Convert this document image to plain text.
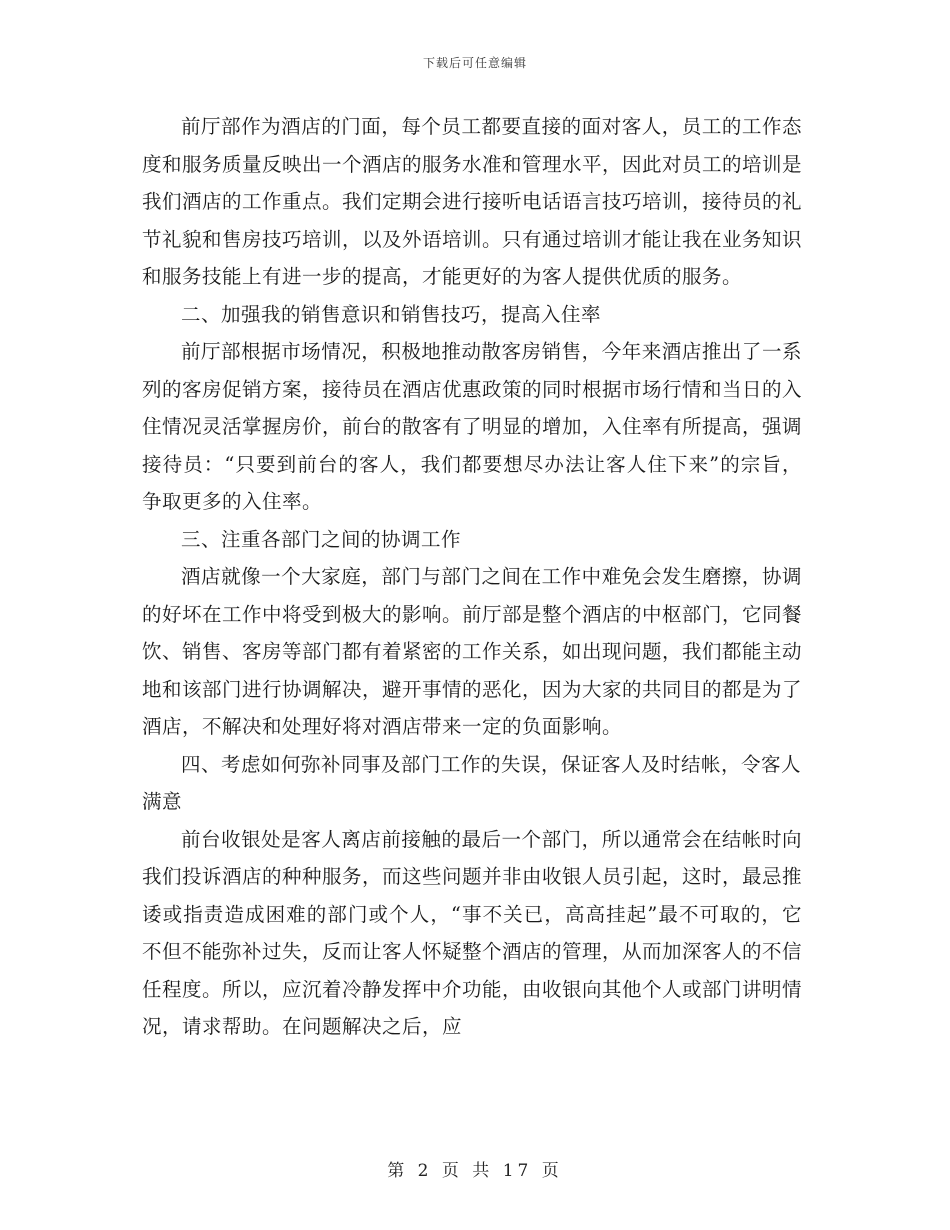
下载后可任意编辑

前厅部作为酒店的门面，每个员工都要直接的面对客人，员工的工作态度和服务质量反映出一个酒店的服务水准和管理水平，因此对员工的培训是我们酒店的工作重点。我们定期会进行接听电话语言技巧培训，接待员的礼节礼貌和售房技巧培训，以及外语培训。只有通过培训才能让我在业务知识和服务技能上有进一步的提高，才能更好的为客人提供优质的服务。

二、加强我的销售意识和销售技巧，提高入住率

前厅部根据市场情况，积极地推动散客房销售，今年来酒店推出了一系列的客房促销方案，接待员在酒店优惠政策的同时根据市场行情和当日的入住情况灵活掌握房价，前台的散客有了明显的增加，入住率有所提高，强调接待员：“只要到前台的客人，我们都要想尽办法让客人住下来”的宗旨，争取更多的入住率。

三、注重各部门之间的协调工作

酒店就像一个大家庭，部门与部门之间在工作中难免会发生磨擦，协调的好坏在工作中将受到极大的影响。前厅部是整个酒店的中枢部门，它同餐饮、销售、客房等部门都有着紧密的工作关系，如出现问题，我们都能主动地和该部门进行协调解决，避开事情的恶化，因为大家的共同目的都是为了酒店，不解决和处理好将对酒店带来一定的负面影响。

四、考虑如何弥补同事及部门工作的失误，保证客人及时结帐，令客人满意

前台收银处是客人离店前接触的最后一个部门，所以通常会在结帐时向我们投诉酒店的种种服务，而这些问题并非由收银人员引起，这时，最忌推诿或指责造成困难的部门或个人，“事不关已，高高挂起”最不可取的，它不但不能弥补过失，反而让客人怀疑整个酒店的管理，从而加深客人的不信任程度。所以，应沉着冷静发挥中介功能，由收银向其他个人或部门讲明情况，请求帮助。在问题解决之后，应

第 2 页 共 17 页
